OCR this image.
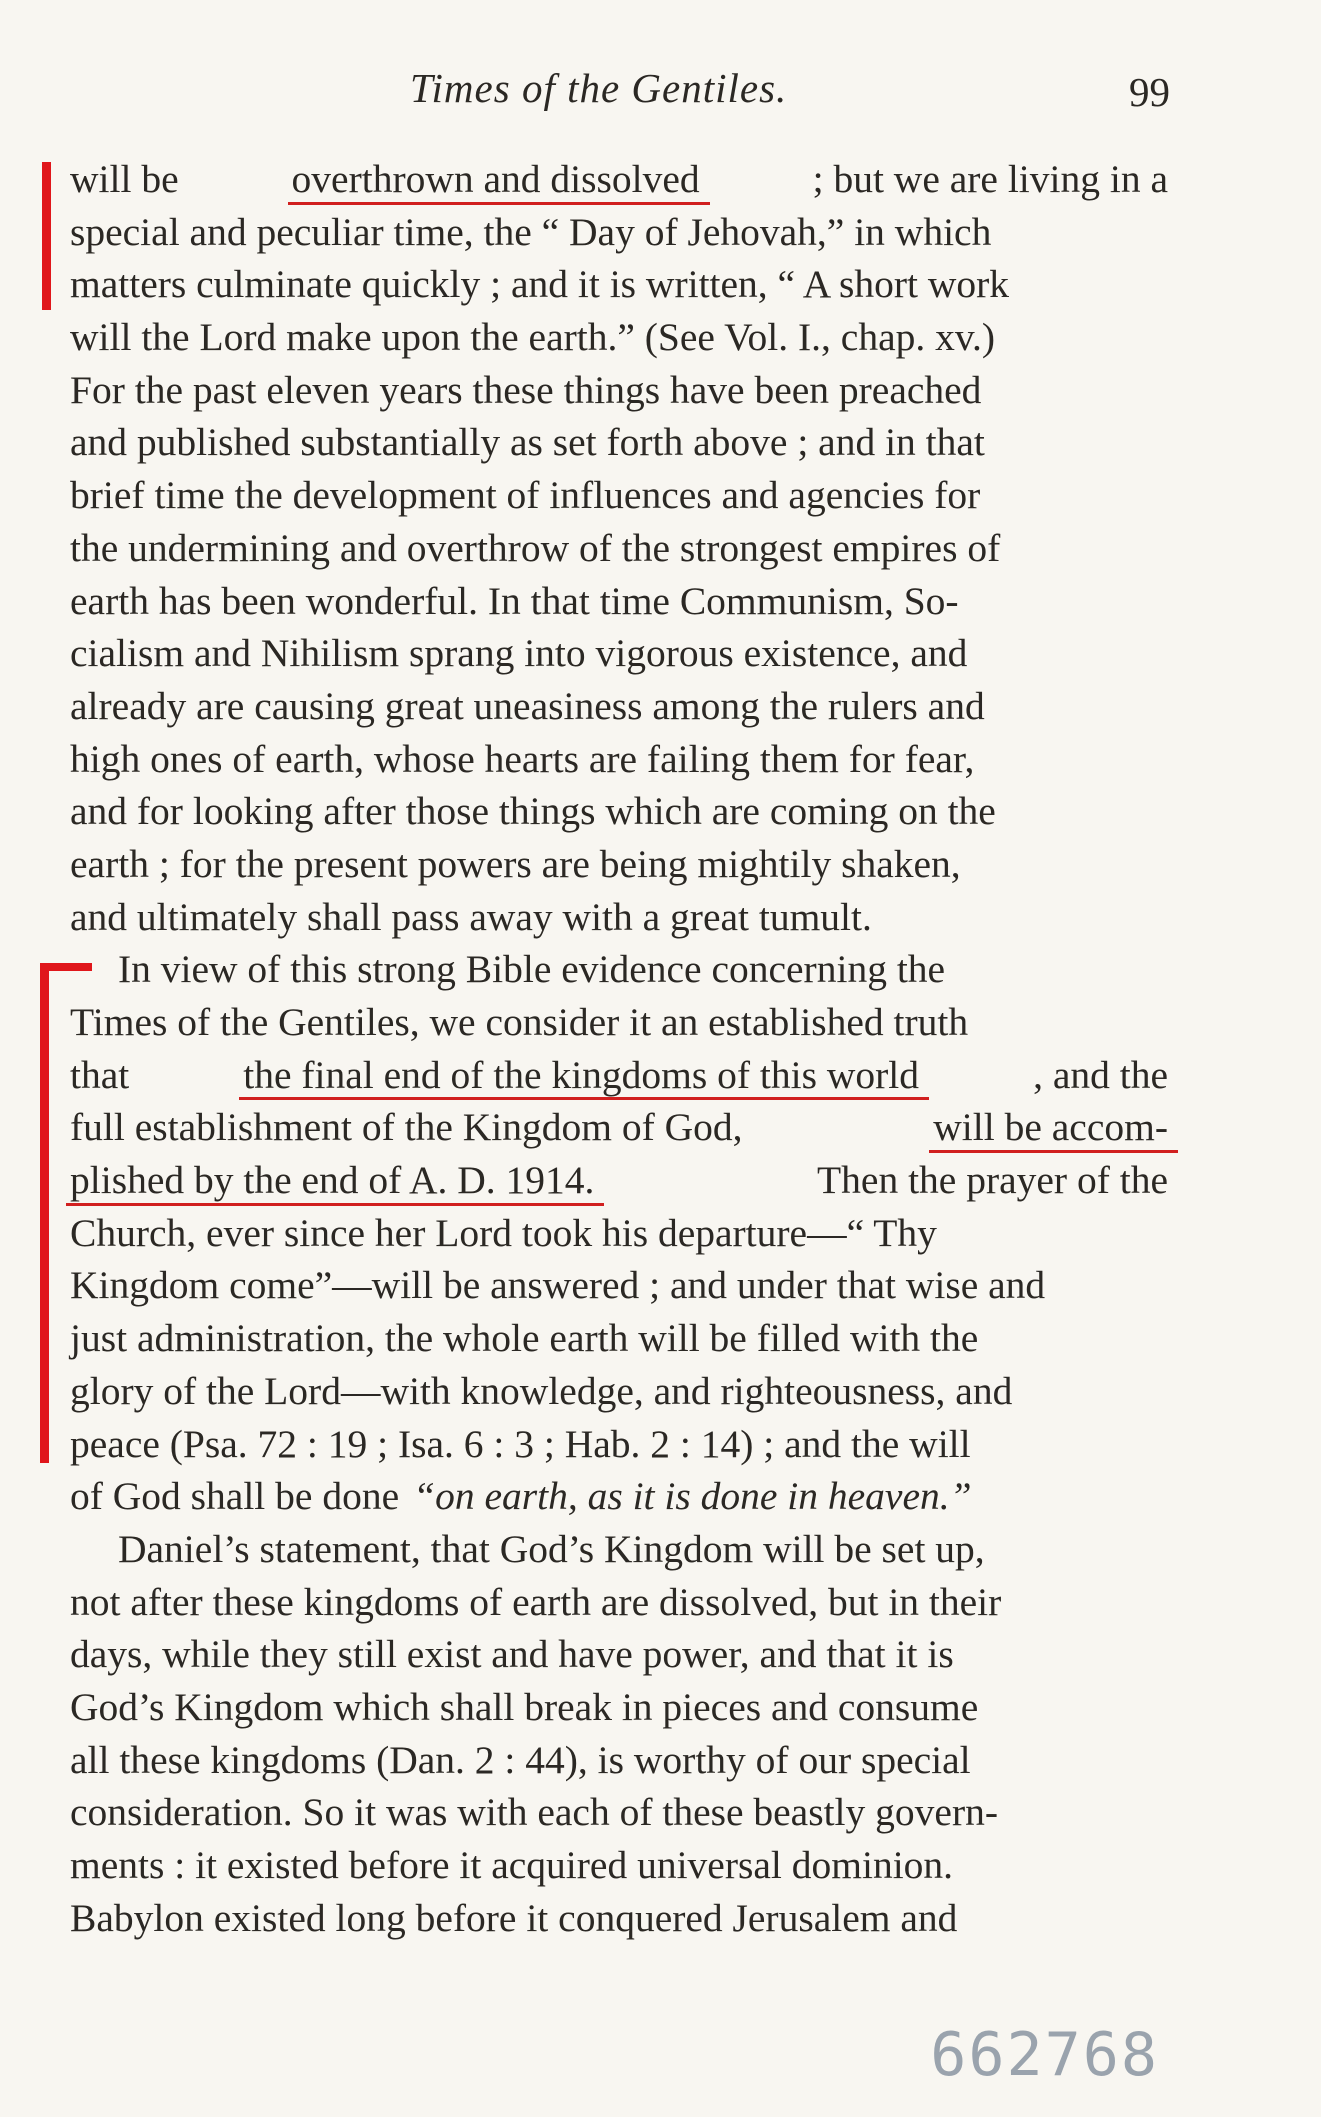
Times of the Gentiles.	99
will be	overthrown and dissolved	; but we are living in a
special and peculiar time, the “ Day of Jehovah,” in which
matters culminate quickly ; and it is written, “ A short work
will the Lord make upon the earth.” (See Vol. I., chap. xv.)
For the past eleven years these things have been preached
and published substantially as set forth above ; and in that
brief time the development of influences and agencies for
the undermining and overthrow of the strongest empires of
earth has been wonderful. In that time Communism, So-
cialism and Nihilism sprang into vigorous existence, and
already are causing great uneasiness among the rulers and
high ones of earth, whose hearts are failing them for fear,
and for looking after those things which are coming on the
earth ; for the present powers are being mightily shaken,
and ultimately shall pass away with a great tumult.
In view of this strong Bible evidence concerning the
Times of the Gentiles, we consider it an established truth
that	the final end of the kingdoms of this world	, and the
full establishment of the Kingdom of God,	will be accom-
plished by the end of A. D. 1914.	Then the prayer of the
Church, ever since her Lord took his departure—“ Thy
Kingdom come”—will be answered ; and under that wise and
just administration, the whole earth will be filled with the
glory of the Lord—with knowledge, and righteousness, and
peace (Psa. 72 : 19 ; Isa. 6 : 3 ; Hab. 2 : 14) ; and the will
of God shall be done “on earth, as it is done in heaven.”
Daniel’s statement, that God’s Kingdom will be set up,
not after these kingdoms of earth are dissolved, but in their
days, while they still exist and have power, and that it is
God’s Kingdom which shall break in pieces and consume
all these kingdoms (Dan. 2 : 44), is worthy of our special
consideration. So it was with each of these beastly govern-
ments : it existed before it acquired universal dominion.
Babylon existed long before it conquered Jerusalem and
662768
